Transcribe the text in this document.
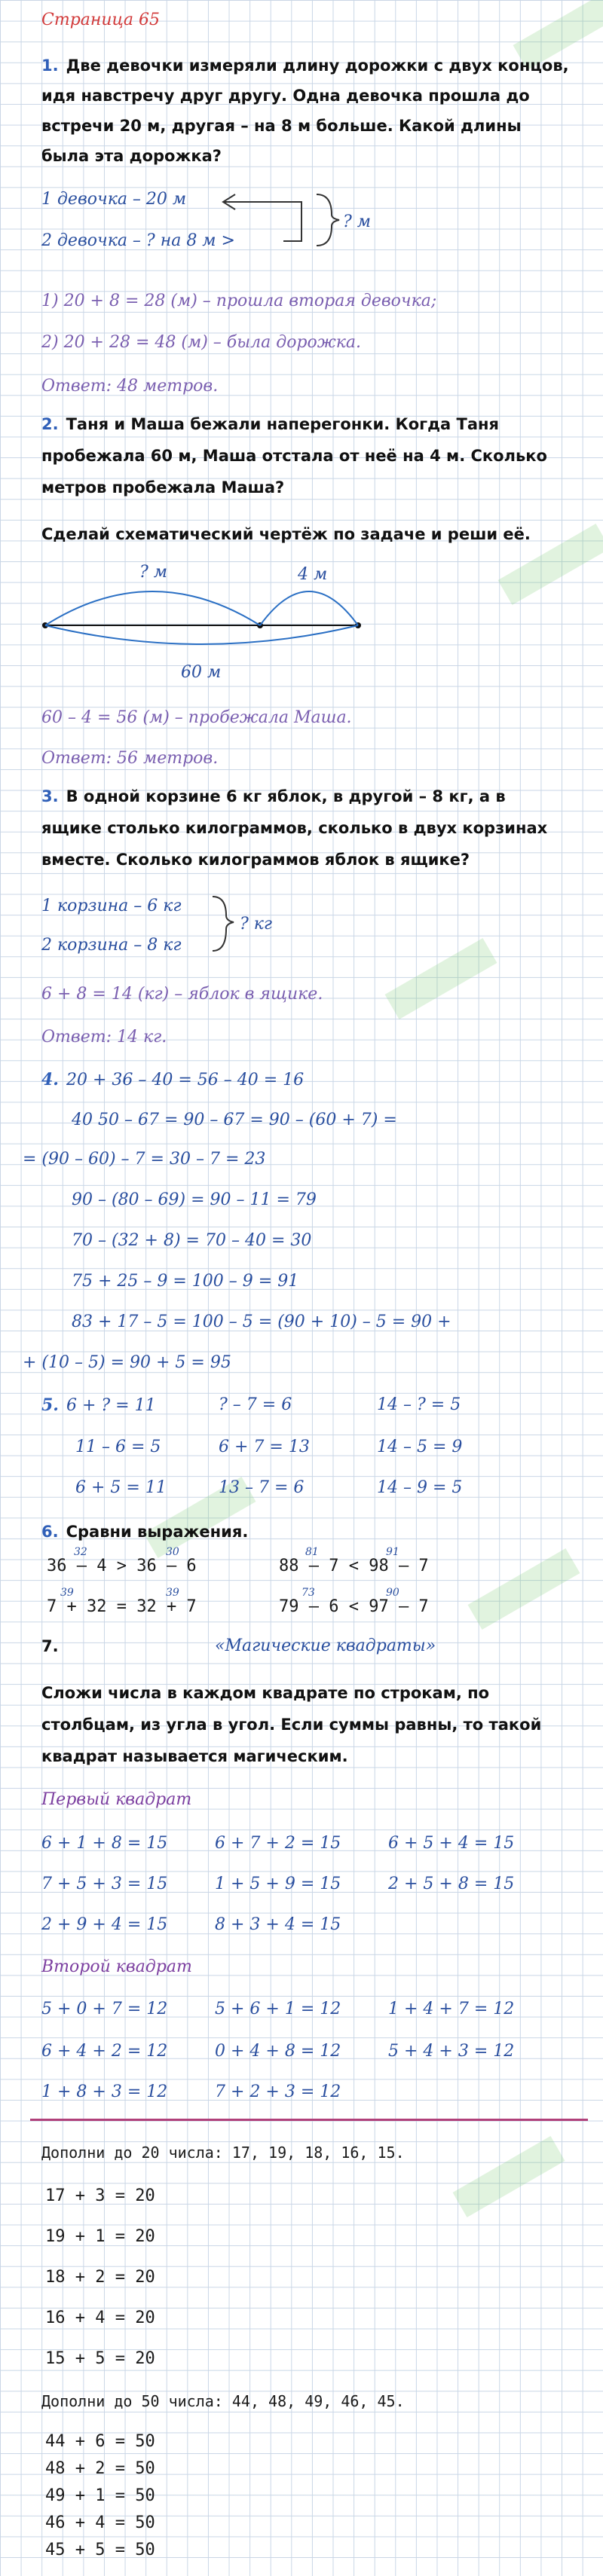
Страница 65
1. Две девочки измеряли длину дорожки с двух концов,
идя навстречу друг другу. Одна девочка прошла до
встречи 20 м, другая – на 8 м больше. Какой длины
была эта дорожка?
1 девочка – 20 м
2 девочка – ? на 8 м >
? м
1) 20 + 8 = 28 (м) – прошла вторая девочка;
2) 20 + 28 = 48 (м) – была дорожка.
Ответ: 48 метров.
2. Таня и Маша бежали наперегонки. Когда Таня
пробежала 60 м, Маша отстала от неё на 4 м. Сколько
метров пробежала Маша?
Сделай схематический чертёж по задаче и реши её.
? м	4 м
60 м
60 – 4 = 56 (м) – пробежала Маша.
Ответ: 56 метров.
3. В одной корзине 6 кг яблок, в другой – 8 кг, а в
ящике столько килограммов, сколько в двух корзинах
вместе. Сколько килограммов яблок в ящике?
1 корзина – 6 кг
2 корзина – 8 кг
? кг
6 + 8 = 14 (кг) – яблок в ящике.
Ответ: 14 кг.
4. 20 + 36 – 40 = 56 – 40 = 16
40 50 – 67 = 90 – 67 = 90 – (60 + 7) =
= (90 – 60) – 7 = 30 – 7 = 23
90 – (80 – 69) = 90 – 11 = 79
70 – (32 + 8) = 70 – 40 = 30
75 + 25 – 9 = 100 – 9 = 91
83 + 17 – 5 = 100 – 5 = (90 + 10) – 5 = 90 +
+ (10 – 5) = 90 + 5 = 95
5. 6 + ? = 11	? – 7 = 6	14 – ? = 5
11 – 6 = 5	6 + 7 = 13	14 – 5 = 9
6 + 5 = 11	13 – 7 = 6	14 – 9 = 5
6. Сравни выражения.
32	30	81	91
36 – 4 > 36 – 6	88 – 7 < 98 – 7
39	39	73	90
7 + 32 = 32 + 7	79 – 6 < 97 – 7
7.	«Магические квадраты»
Сложи числа в каждом квадрате по строкам, по
столбцам, из угла в угол. Если суммы равны, то такой
квадрат называется магическим.
Первый квадрат
6 + 1 + 8 = 15	6 + 7 + 2 = 15	6 + 5 + 4 = 15
7 + 5 + 3 = 15	1 + 5 + 9 = 15	2 + 5 + 8 = 15
2 + 9 + 4 = 15	8 + 3 + 4 = 15
Второй квадрат
5 + 0 + 7 = 12	5 + 6 + 1 = 12	1 + 4 + 7 = 12
6 + 4 + 2 = 12	0 + 4 + 8 = 12	5 + 4 + 3 = 12
1 + 8 + 3 = 12	7 + 2 + 3 = 12
Дополни до 20 числа: 17, 19, 18, 16, 15.
17 + 3 = 20
19 + 1 = 20
18 + 2 = 20
16 + 4 = 20
15 + 5 = 20
Дополни до 50 числа: 44, 48, 49, 46, 45.
44 + 6 = 50
48 + 2 = 50
49 + 1 = 50
46 + 4 = 50
45 + 5 = 50
